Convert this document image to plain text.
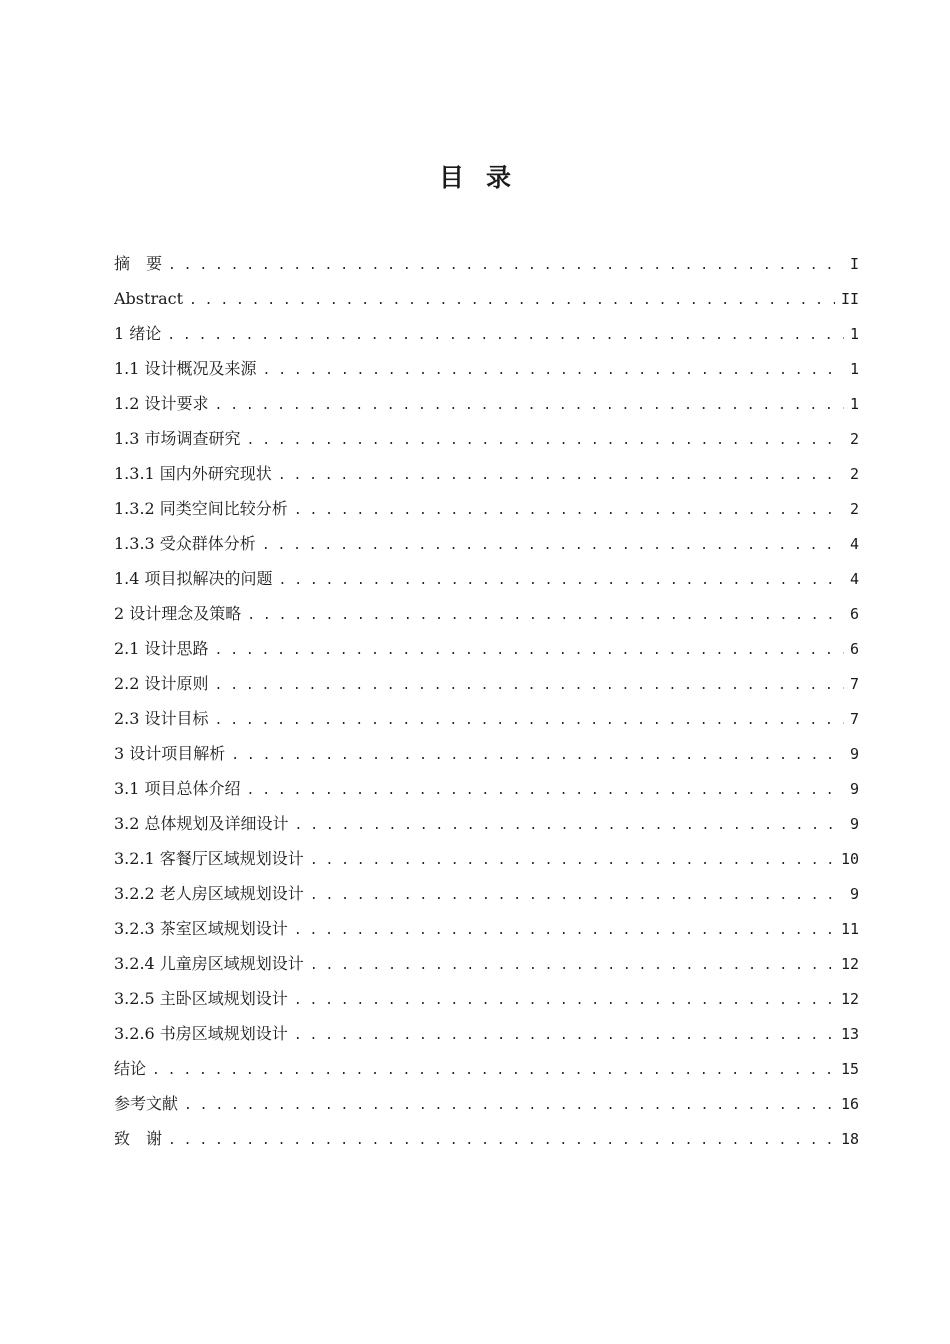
目 录
摘　要 . . .	I
Abstract . . .	II
1 绪论 . . .	1
1.1 设计概况及来源 . . .	1
1.2 设计要求 . . .	1
1.3 市场调查研究 . . .	2
1.3.1 国内外研究现状 . . .	2
1.3.2 同类空间比较分析 . . .	2
1.3.3 受众群体分析 . . .	4
1.4 项目拟解决的问题 . . .	4
2 设计理念及策略 . . .	6
2.1 设计思路 . . .	6
2.2 设计原则 . . .	7
2.3 设计目标 . . .	7
3 设计项目解析 . . .	9
3.1 项目总体介绍 . . .	9
3.2 总体规划及详细设计 . . .	9
3.2.1 客餐厅区域规划设计 . . .	10
3.2.2 老人房区域规划设计 . . .	9
3.2.3 茶室区域规划设计 . . .	11
3.2.4 儿童房区域规划设计 . . .	12
3.2.5 主卧区域规划设计 . . .	12
3.2.6 书房区域规划设计 . . .	13
结论 . . .	15
参考文献 . . .	16
致　谢 . . .	18
